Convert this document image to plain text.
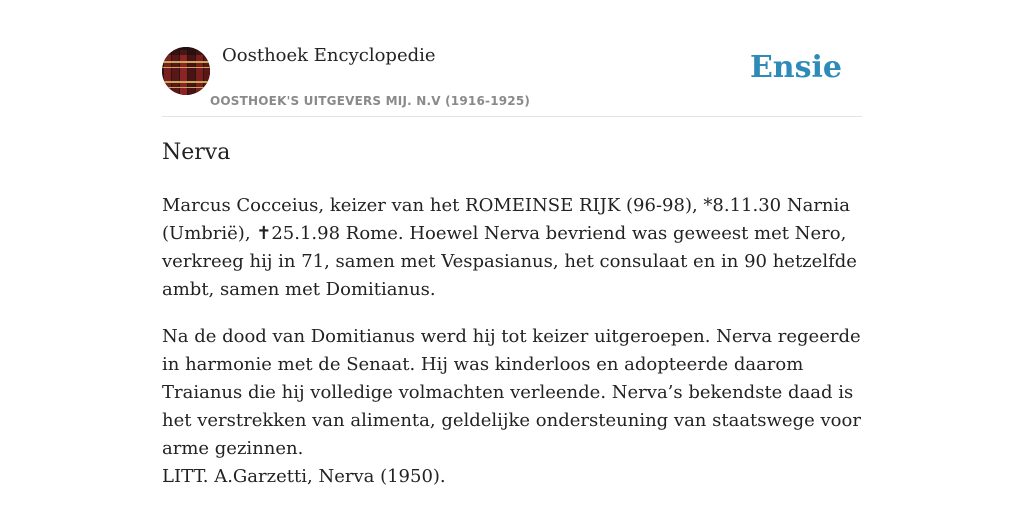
Oosthoek Encyclopedie
OOSTHOEK'S UITGEVERS MIJ. N.V (1916-1925)
Ensie
Nerva

Marcus Cocceius, keizer van het ROMEINSE RIJK (96-98), *8.11.30 Narnia (Umbrië), ✝25.1.98 Rome. Hoewel Nerva bevriend was geweest met Nero, verkreeg hij in 71, samen met Vespasianus, het consulaat en in 90 hetzelfde ambt, samen met Domitianus.

Na de dood van Domitianus werd hij tot keizer uitgeroepen. Nerva regeerde in harmonie met de Senaat. Hij was kinderloos en adopteerde daarom Traianus die hij volledige volmachten verleende. Nerva’s bekendste daad is het verstrekken van alimenta, geldelijke ondersteuning van staatswege voor arme gezinnen.

LITT. A.Garzetti, Nerva (1950).
